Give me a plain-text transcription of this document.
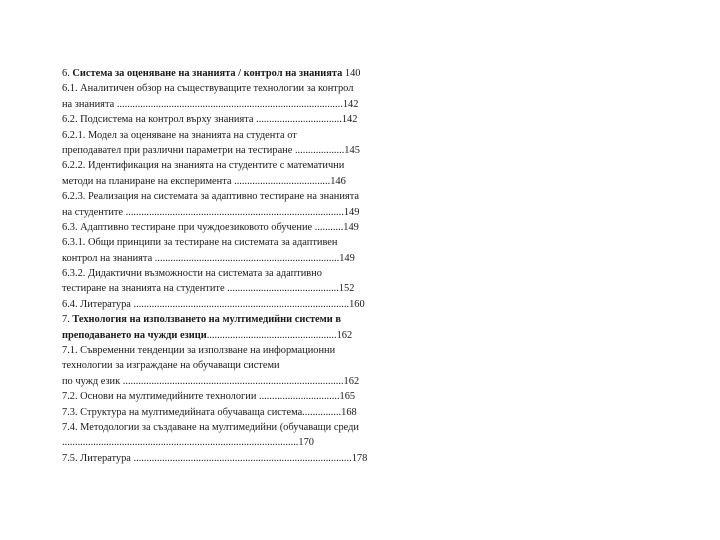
6. Система за оценяване на знанията / контрол на знанията 140
6.1. Аналитичен обзор на съществуващите технологии за контрол
на знанията .......................................................................................142
6.2. Подсистема на контрол върху знанията .................................142
6.2.1. Модел за оценяване на знанията на студента от
преподавател при различни параметри на тестиране ...................145
6.2.2. Идентификация на знанията на студентите с математични
методи на планиране на експеримента .....................................146
6.2.3. Реализация на системата за адаптивно тестиране на знанията
на студентите ....................................................................................149
6.3. Адаптивно тестиране при чуждоезиковото обучение ...........149
6.3.1. Общи принципи за тестиране на системата за адаптивен
контрол на знанията .......................................................................149
6.3.2. Дидактични възможности на системата за адаптивно
тестиране на знанията на студентите ...........................................152
6.4. Литература ...................................................................................160
7. Технология на използването на мултимедийни системи в
преподаването на чужди езици..................................................162
7.1. Съвременни тенденции за използване на информационни
технологии за изграждане на обучаващи системи
по чужд език .....................................................................................162
7.2. Основи на мултимедийните технологии ...............................165
7.3. Структура на мултимедийната обучаваща система...............168
7.4. Методологии за създаване на мултимедийни (обучаващи среди
...........................................................................................170
7.5. Литература ....................................................................................178
